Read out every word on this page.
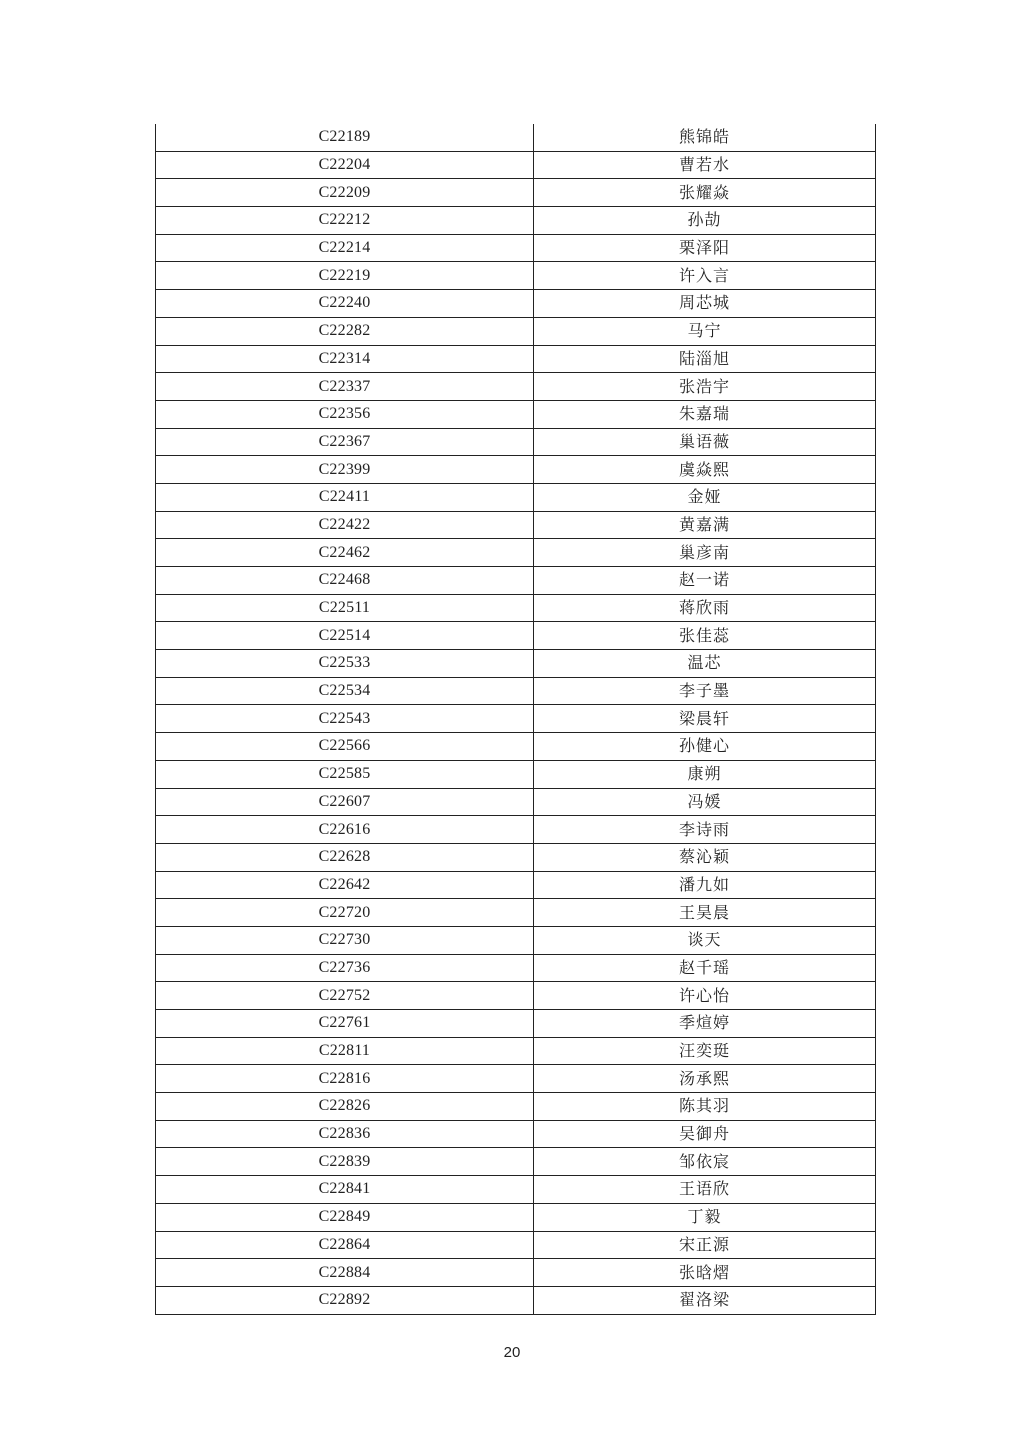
C22189	熊锦皓
C22204	曹若水
C22209	张耀焱
C22212	孙劼
C22214	栗泽阳
C22219	许入言
C22240	周芯城
C22282	马宁
C22314	陆淄旭
C22337	张浩宇
C22356	朱嘉瑞
C22367	巢语薇
C22399	虞焱熙
C22411	金娅
C22422	黄嘉满
C22462	巢彦南
C22468	赵一诺
C22511	蒋欣雨
C22514	张佳蕊
C22533	温芯
C22534	李子墨
C22543	梁晨轩
C22566	孙健心
C22585	康朔
C22607	冯媛
C22616	李诗雨
C22628	蔡沁颖
C22642	潘九如
C22720	王昊晨
C22730	谈天
C22736	赵千瑶
C22752	许心怡
C22761	季煊婷
C22811	汪奕珽
C22816	汤承熙
C22826	陈其羽
C22836	吴御舟
C22839	邹依宸
C22841	王语欣
C22849	丁毅
C22864	宋正源
C22884	张晗熠
C22892	翟洛梁
20
